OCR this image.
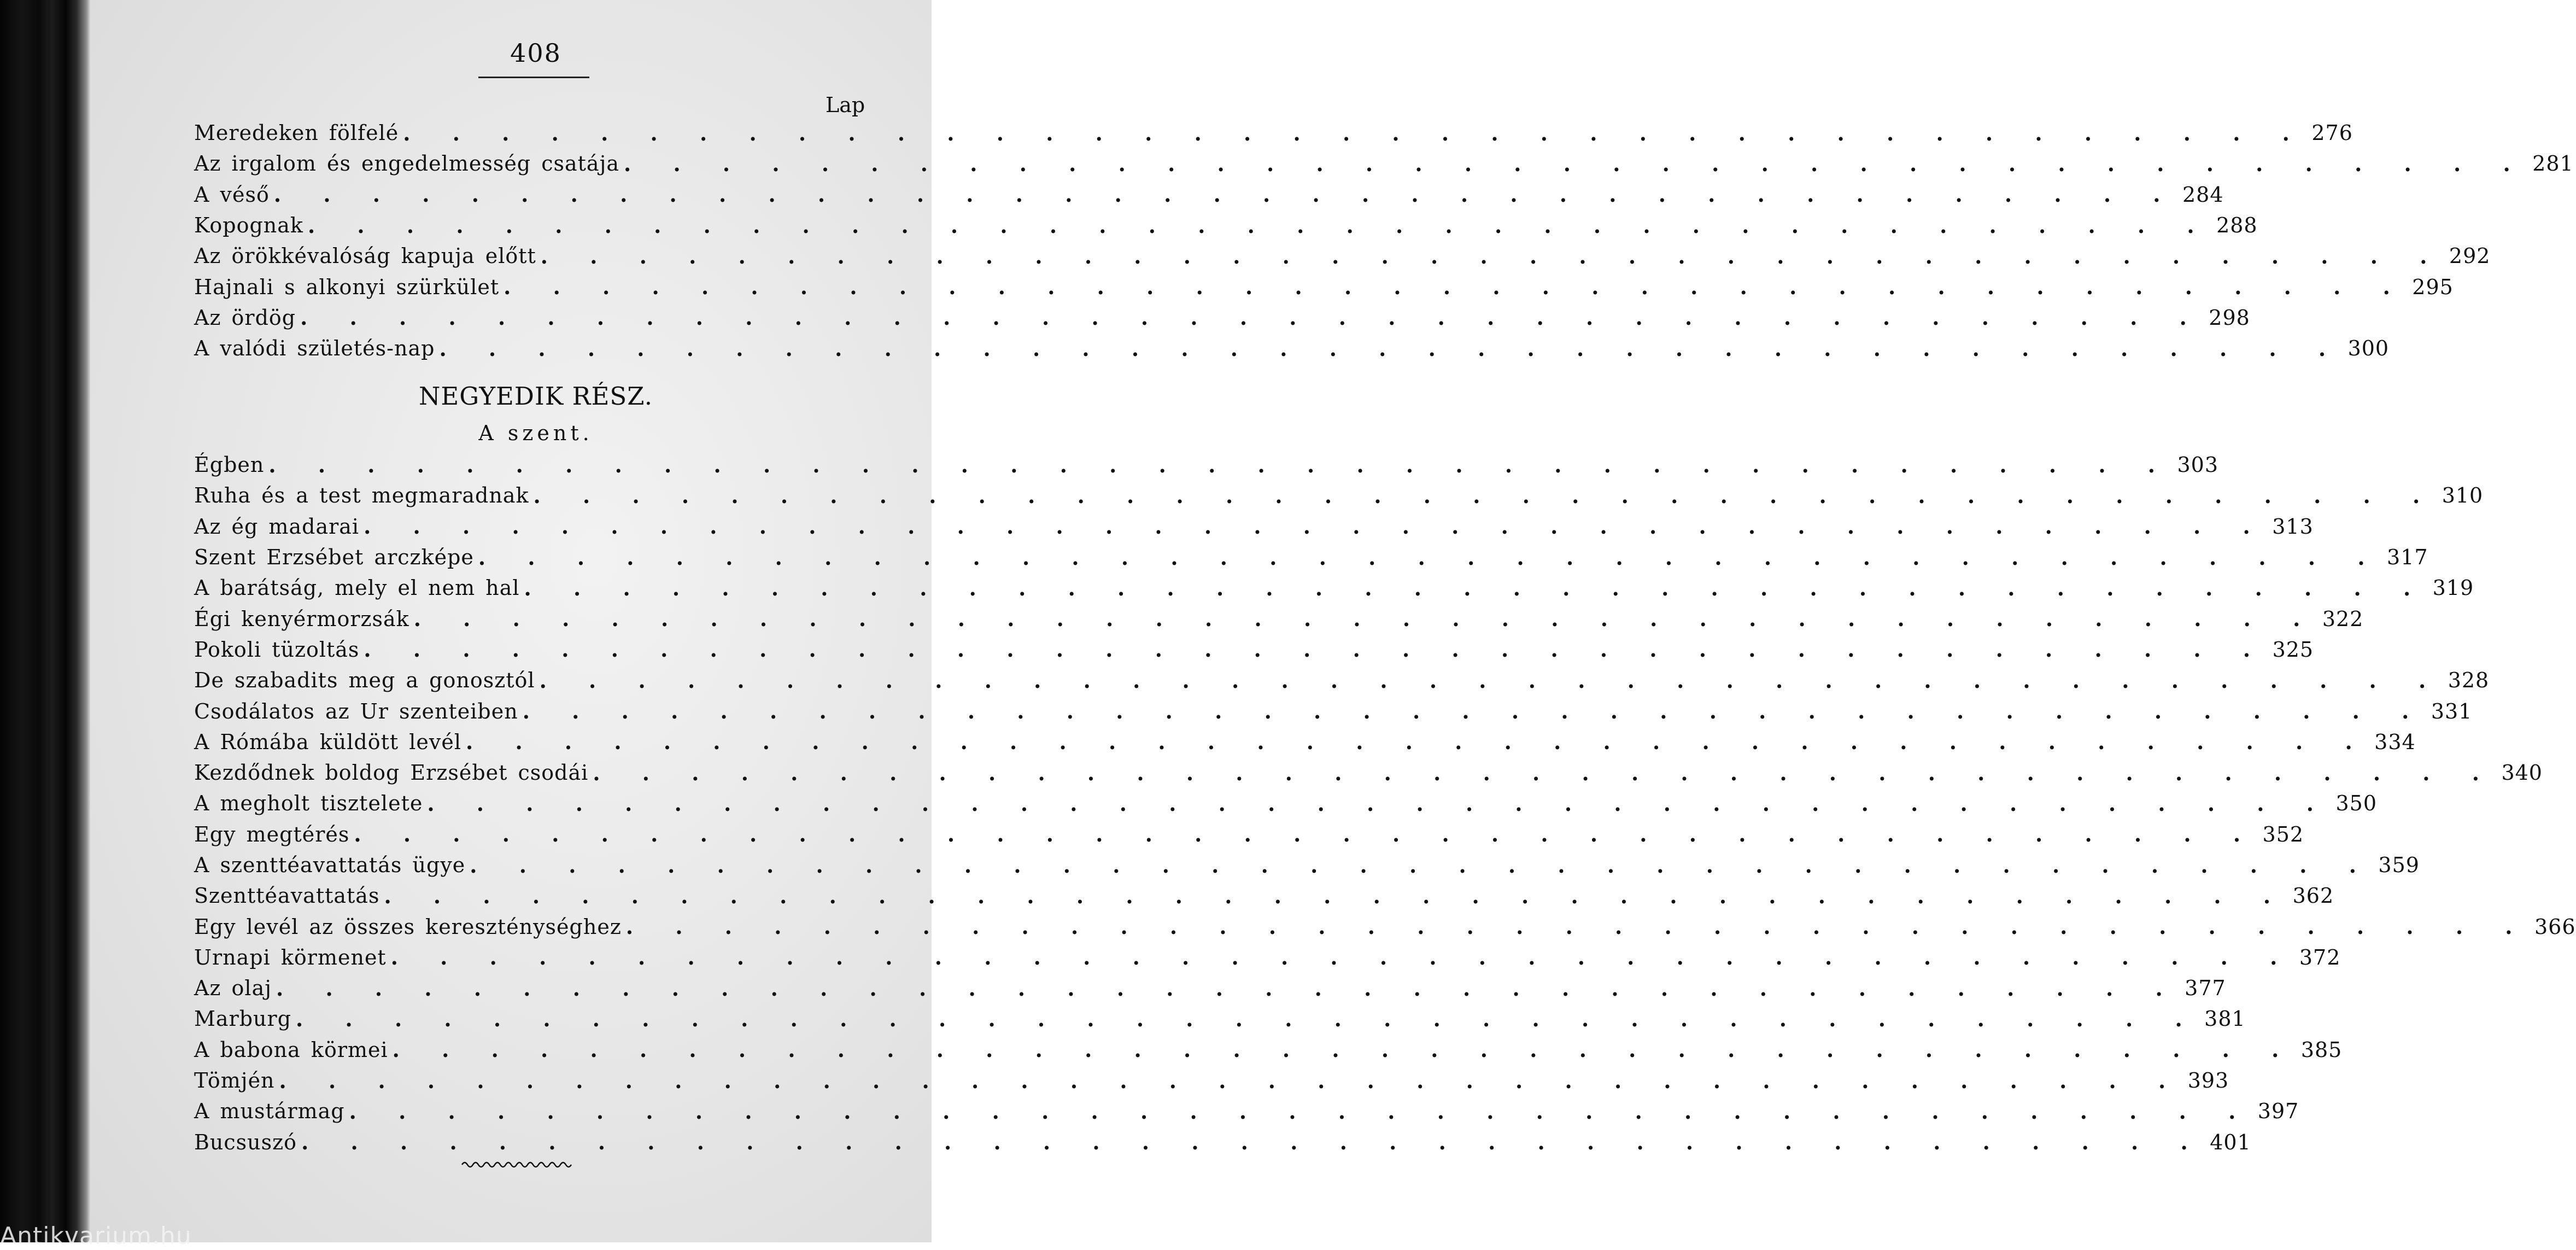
408
Lap
Meredeken fölfelé . . . . . . . . . . . . . . . . . . . . . . . . . . . . . . . . . . . . . . . 276
Az irgalom és engedelmesség csatája . . . . . . . . . . . . . . . . . . . . . . . . . . . . . . . . . . . . . . . 281
A véső . . . . . . . . . . . . . . . . . . . . . . . . . . . . . . . . . . . . . . . 284
Kopognak . . . . . . . . . . . . . . . . . . . . . . . . . . . . . . . . . . . . . . . 288
Az örökkévalóság kapuja előtt . . . . . . . . . . . . . . . . . . . . . . . . . . . . . . . . . . . . . . . 292
Hajnali s alkonyi szürkület . . . . . . . . . . . . . . . . . . . . . . . . . . . . . . . . . . . . . . . 295
Az ördög . . . . . . . . . . . . . . . . . . . . . . . . . . . . . . . . . . . . . . . 298
A valódi születés-nap . . . . . . . . . . . . . . . . . . . . . . . . . . . . . . . . . . . . . . . 300
NEGYEDIK RÉSZ.
A szent.
Égben . . . . . . . . . . . . . . . . . . . . . . . . . . . . . . . . . . . . . . . 303
Ruha és a test megmaradnak . . . . . . . . . . . . . . . . . . . . . . . . . . . . . . . . . . . . . . . 310
Az ég madarai . . . . . . . . . . . . . . . . . . . . . . . . . . . . . . . . . . . . . . . 313
Szent Erzsébet arczképe . . . . . . . . . . . . . . . . . . . . . . . . . . . . . . . . . . . . . . . 317
A barátság, mely el nem hal . . . . . . . . . . . . . . . . . . . . . . . . . . . . . . . . . . . . . . . 319
Égi kenyérmorzsák . . . . . . . . . . . . . . . . . . . . . . . . . . . . . . . . . . . . . . . 322
Pokoli tüzoltás . . . . . . . . . . . . . . . . . . . . . . . . . . . . . . . . . . . . . . . 325
De szabadits meg a gonosztól . . . . . . . . . . . . . . . . . . . . . . . . . . . . . . . . . . . . . . . 328
Csodálatos az Ur szenteiben . . . . . . . . . . . . . . . . . . . . . . . . . . . . . . . . . . . . . . . 331
A Rómába küldött levél . . . . . . . . . . . . . . . . . . . . . . . . . . . . . . . . . . . . . . . 334
Kezdődnek boldog Erzsébet csodái . . . . . . . . . . . . . . . . . . . . . . . . . . . . . . . . . . . . . . . 340
A megholt tisztelete . . . . . . . . . . . . . . . . . . . . . . . . . . . . . . . . . . . . . . . 350
Egy megtérés . . . . . . . . . . . . . . . . . . . . . . . . . . . . . . . . . . . . . . . 352
A szenttéavattatás ügye . . . . . . . . . . . . . . . . . . . . . . . . . . . . . . . . . . . . . . . 359
Szenttéavattatás . . . . . . . . . . . . . . . . . . . . . . . . . . . . . . . . . . . . . . . 362
Egy levél az összes kereszténységhez . . . . . . . . . . . . . . . . . . . . . . . . . . . . . . . . . . . . . . . 366
Urnapi körmenet . . . . . . . . . . . . . . . . . . . . . . . . . . . . . . . . . . . . . . . 372
Az olaj . . . . . . . . . . . . . . . . . . . . . . . . . . . . . . . . . . . . . . . 377
Marburg . . . . . . . . . . . . . . . . . . . . . . . . . . . . . . . . . . . . . . . 381
A babona körmei . . . . . . . . . . . . . . . . . . . . . . . . . . . . . . . . . . . . . . . 385
Tömjén . . . . . . . . . . . . . . . . . . . . . . . . . . . . . . . . . . . . . . . 393
A mustármag . . . . . . . . . . . . . . . . . . . . . . . . . . . . . . . . . . . . . . . 397
Bucsuszó . . . . . . . . . . . . . . . . . . . . . . . . . . . . . . . . . . . . . . . 401
Antikvarium.hu
